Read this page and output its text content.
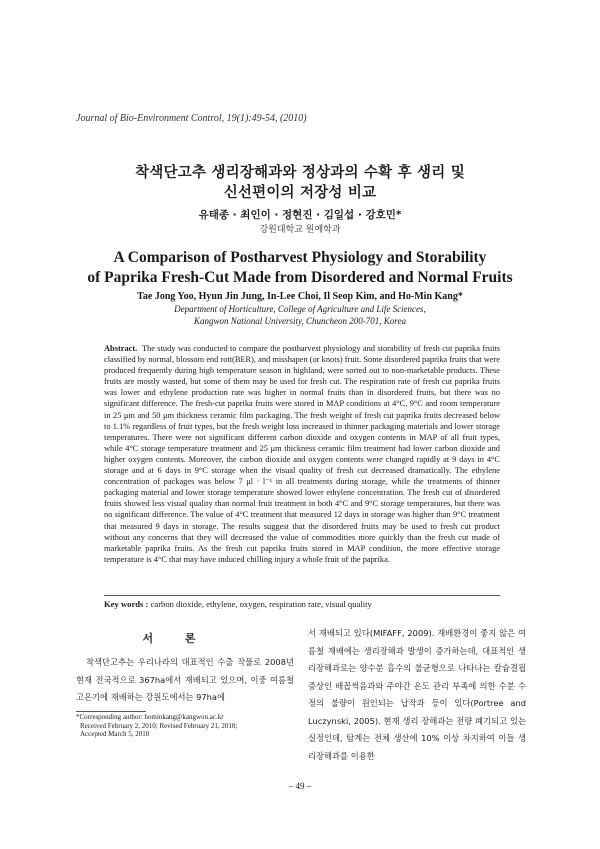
Journal of Bio-Environment Control, 19(1):49-54, (2010)
착색단고추 생리장해과와 정상과의 수확 후 생리 및
신선편이의 저장성 비교
유태종 · 최인이 · 정현진 · 김일섭 · 강호민*
강원대학교 원예학과
A Comparison of Postharvest Physiology and Storability
of Paprika Fresh-Cut Made from Disordered and Normal Fruits
Tae Jong Yoo, Hyun Jin Jung, In-Lee Choi, Il Seop Kim, and Ho-Min Kang*
Department of Horticulture, College of Agriculture and Life Sciences,
Kangwon National University, Chuncheon 200-701, Korea
Abstract. The study was conducted to compare the postharvest physiology and storability of fresh cut paprika fruits classified by normal, blossom end rott(BER), and misshapen (or knots) fruit. Some disordered paprika fruits that were produced frequently during high temperature season in highland, were sorted out to non-marketable products. These fruits are mostly wasted, but some of them may be used for fresh cut. The respiration rate of fresh cut paprika fruits was lower and ethylene production rate was higher in normal fruits than in disordered fruits, but there was no significant difference. The fresh-cut paprika fruits were stored in MAP conditions at 4°C, 9°C and room temperature in 25 μm and 50 μm thickness ceramic film packaging. The fresh weight of fresh cut paprika fruits decreased below to 1.1% regardless of fruit types, but the fresh weight loss increased in thinner packaging materials and lower storage temperatures. There were not significant different carbon dioxide and oxygen contents in MAP of all fruit types, while 4°C storage temperature treatment and 25 μm thickness ceramic film treatment had lower carbon dioxide and higher oxygen contents. Moreover, the carbon dioxide and oxygen contents were changed rapidly at 9 days in 4°C storage and at 6 days in 9°C storage when the visual quality of fresh cut decreased dramatically. The ethylene concentration of packages was below 7 μl · l⁻¹ in all treatments during storage, while the treatments of thinner packaging material and lower storage temperature showed lower ethylene concentration. The fresh cut of disordered fruits showed less visual quality than normal fruit treatment in both 4°C and 9°C storage temperatures, but there was no significant difference. The value of 4°C treatment that measured 12 days in storage was higher than 9°C treatment that measured 9 days in storage. The results suggest that the disordered fruits may be used to fresh cut product without any concerns that they will decreased the value of commodities more quickly than the fresh cut made of marketable paprika fruits. As the fresh cut paprika fruits stored in MAP condition, the more effective storage temperature is 4°C that may have induced chilling injury a whole fruit of the paprika.
Key words : carbon dioxide, ethylene, oxygen, respiration rate, visual quality
서 론
착색단고추는 우리나라의 대표적인 수출 작물로 2008년 현재 전국적으로 367ha에서 재배되고 있으며, 이중 여름철 고온기에 재배하는 강원도에서는 97ha에
서 재배되고 있다(MIFAFF, 2009). 재배환경이 좋지 않은 여름철 재배에는 생리장해과 발생이 증가하는데, 대표적인 생리장해과로는 양수분 흡수의 불균형으로 나타나는 칼슘결핍증상인 배꼽썩음과와 주야간 온도 관리 부족에 의한 수분 수정의 불량이 원인되는 납작과 등이 있다(Portree and Luczynski, 2005). 현재 생리 장해과는 전량 폐기되고 있는 실정인데, 탐계는 전체 생산에 10% 이상 차지하여 이들 생리장해과를 이용한
*Corresponding author: hominkang@kangwon.ac.kr
Received February 2, 2010; Revised February 21, 2010;
Accepted March 5, 2010
– 49 –
